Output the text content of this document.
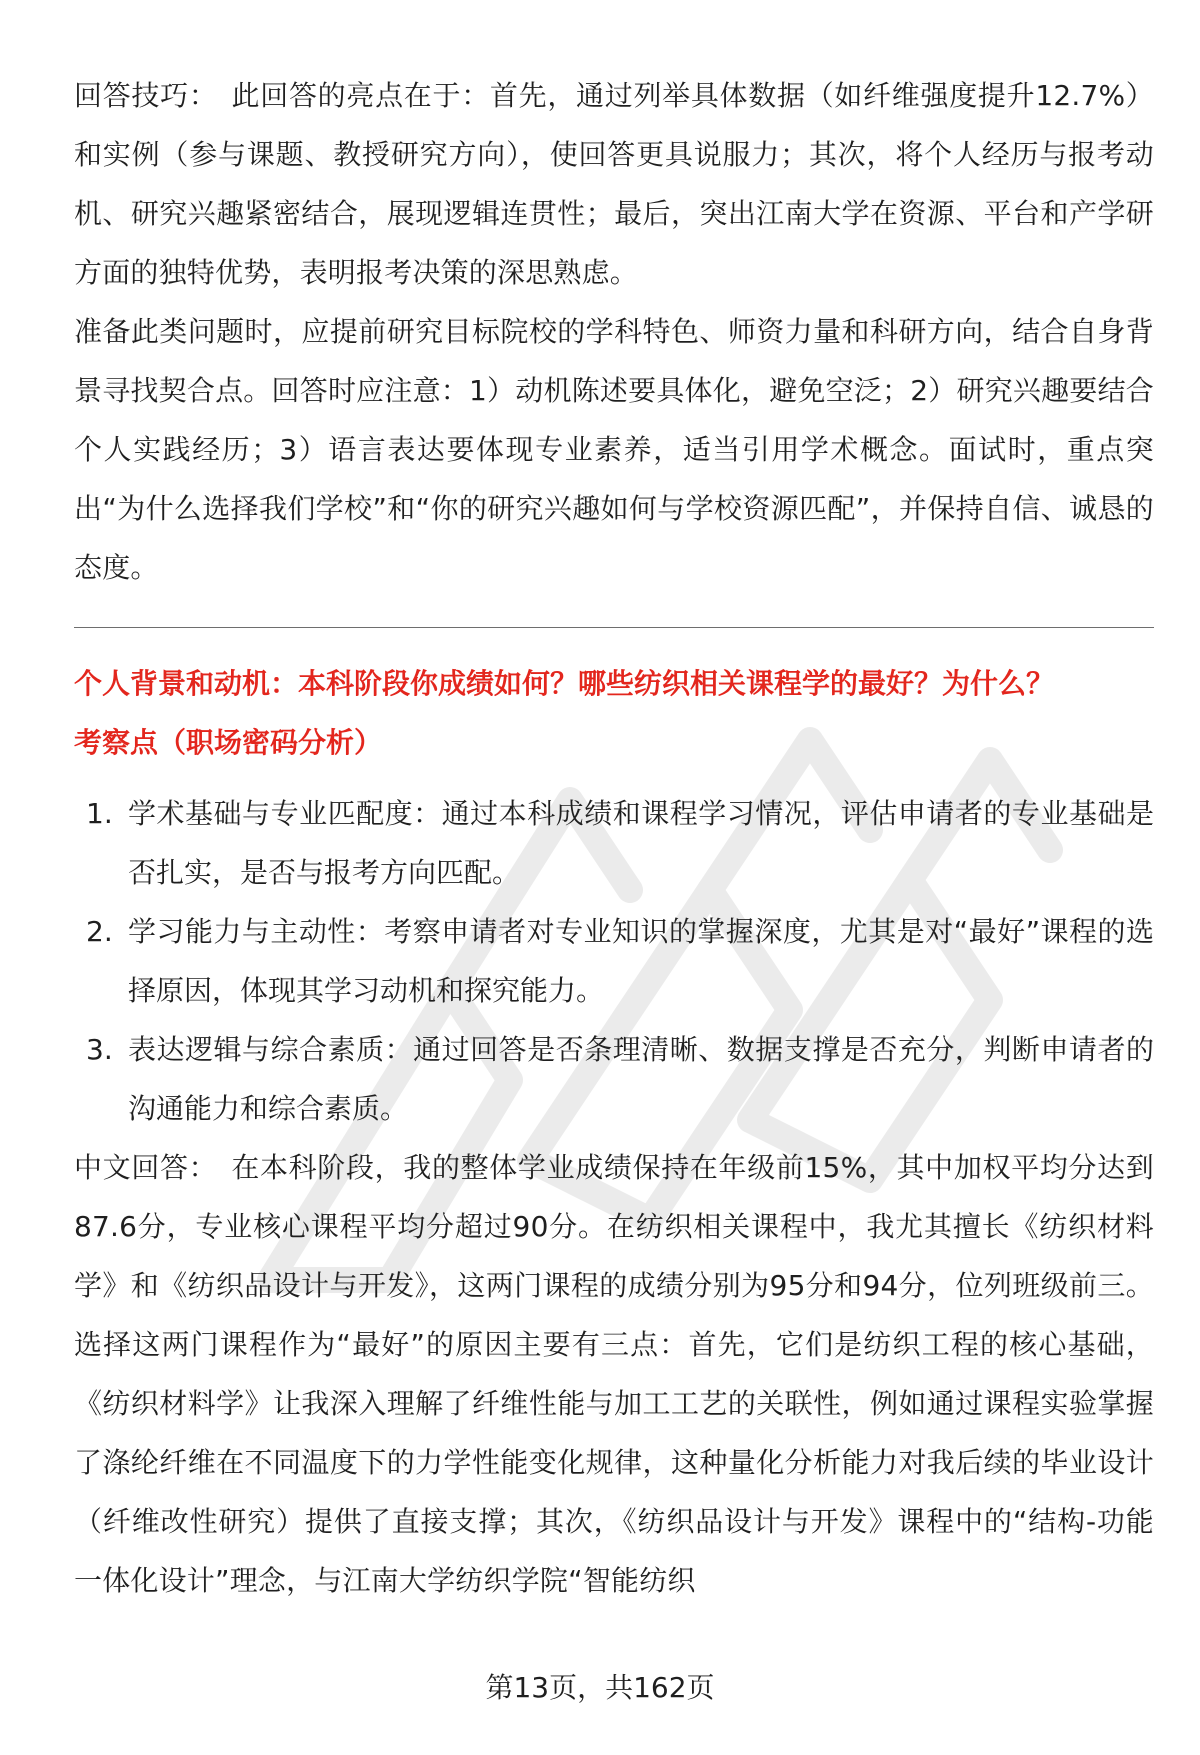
回答技巧： 此回答的亮点在于：首先，通过列举具体数据（如纤维强度提升12.7%）和实例（参与课题、教授研究方向），使回答更具说服力；其次，将个人经历与报考动机、研究兴趣紧密结合，展现逻辑连贯性；最后，突出江南大学在资源、平台和产学研方面的独特优势，表明报考决策的深思熟虑。

准备此类问题时，应提前研究目标院校的学科特色、师资力量和科研方向，结合自身背景寻找契合点。回答时应注意：1）动机陈述要具体化，避免空泛；2）研究兴趣要结合个人实践经历；3）语言表达要体现专业素养，适当引用学术概念。面试时，重点突出“为什么选择我们学校”和“你的研究兴趣如何与学校资源匹配”，并保持自信、诚恳的态度。

个人背景和动机：本科阶段你成绩如何？哪些纺织相关课程学的最好？为什么？
考察点（职场密码分析）
1. 学术基础与专业匹配度：通过本科成绩和课程学习情况，评估申请者的专业基础是否扎实，是否与报考方向匹配。
2. 学习能力与主动性：考察申请者对专业知识的掌握深度，尤其是对“最好”课程的选择原因，体现其学习动机和探究能力。
3. 表达逻辑与综合素质：通过回答是否条理清晰、数据支撑是否充分，判断申请者的沟通能力和综合素质。

中文回答： 在本科阶段，我的整体学业成绩保持在年级前15%，其中加权平均分达到87.6分，专业核心课程平均分超过90分。在纺织相关课程中，我尤其擅长《纺织材料学》和《纺织品设计与开发》，这两门课程的成绩分别为95分和94分，位列班级前三。选择这两门课程作为“最好”的原因主要有三点：首先，它们是纺织工程的核心基础，《纺织材料学》让我深入理解了纤维性能与加工工艺的关联性，例如通过课程实验掌握了涤纶纤维在不同温度下的力学性能变化规律，这种量化分析能力对我后续的毕业设计（纤维改性研究）提供了直接支撑；其次，《纺织品设计与开发》课程中的“结构-功能一体化设计”理念，与江南大学纺织学院“智能纺织

第13页，共162页
